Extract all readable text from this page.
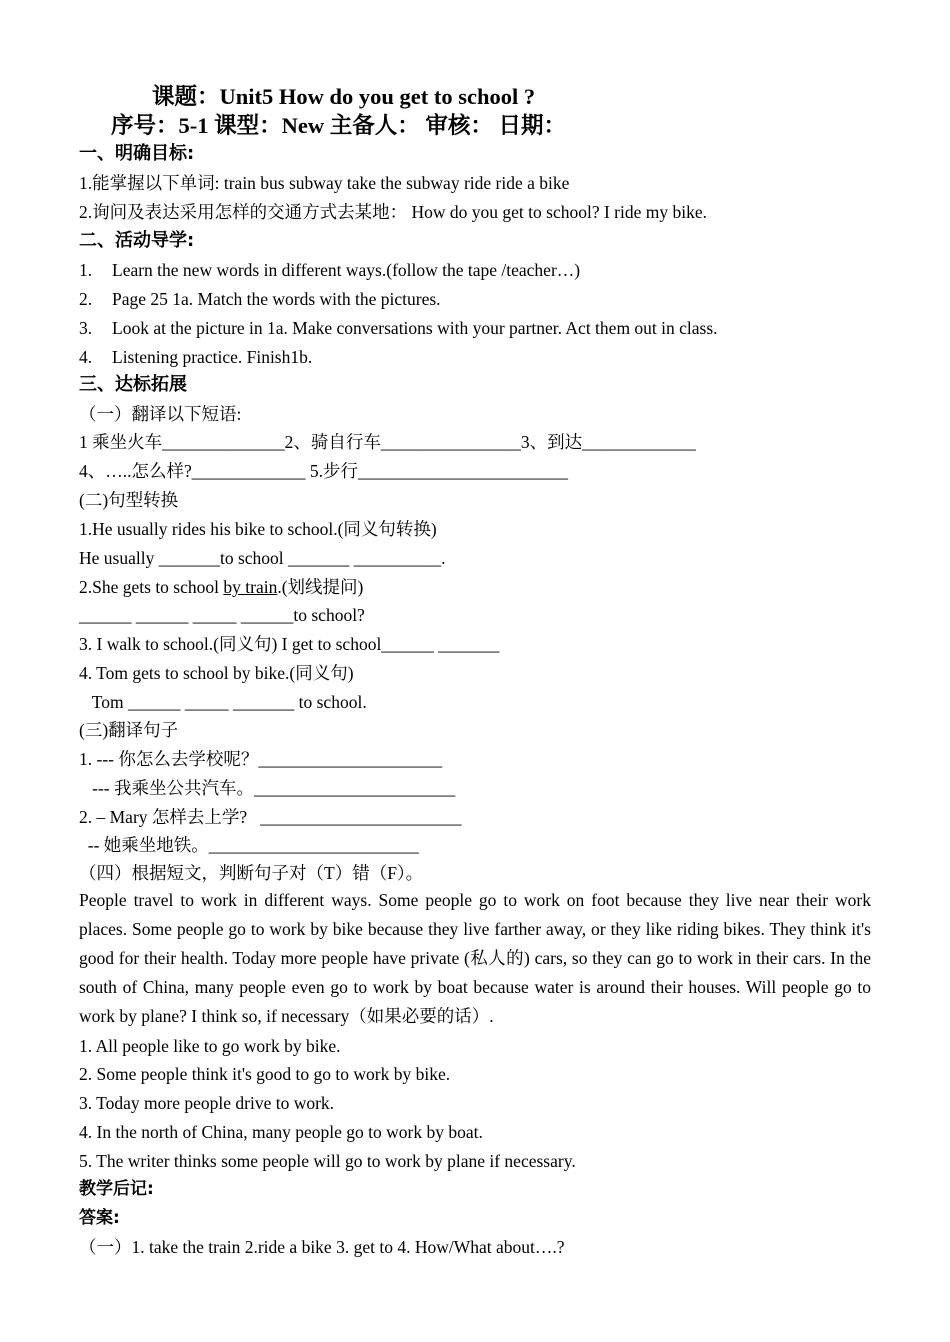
课题：Unit5 How do you get to school ?
序号：5-1 课型：New 主备人： 审核： 日期：
一、明确目标:
1.能掌握以下单词: train bus subway take the subway ride ride a bike
2.询问及表达采用怎样的交通方式去某地： How do you get to school? I ride my bike.
二、活动导学:
1. Learn the new words in different ways.(follow the tape /teacher…)
2. Page 25 1a. Match the words with the pictures.
3. Look at the picture in 1a. Make conversations with your partner. Act them out in class.
4. Listening practice. Finish1b.
三、达标拓展
（一）翻译以下短语:
1 乘坐火车______________2、骑自行车________________3、到达_____________
4、…..怎么样?_____________ 5.步行________________________
(二)句型转换
1.He usually rides his bike to school.(同义句转换)
He usually _______to school _______ __________.
2.She gets to school by train.(划线提问)
______ ______ _____ ______to school?
3. I walk to school.(同义句) I get to school______ _______
4. Tom gets to school by bike.(同义句)
Tom ______ _____ _______ to school.
(三)翻译句子
1. --- 你怎么去学校呢？_____________________
--- 我乘坐公共汽车。_______________________
2. – Mary 怎样去上学?   _______________________
-- 她乘坐地铁。________________________
（四）根据短文，判断句子对（T）错（F）。
People travel to work in different ways. Some people go to work on foot because they live near their work places. Some people go to work by bike because they live farther away, or they like riding bikes. They think it's good for their health. Today more people have private (私人的) cars, so they can go to work in their cars. In the south of China, many people even go to work by boat because water is around their houses. Will people go to work by plane? I think so, if necessary（如果必要的话）.
1. All people like to go work by bike.
2. Some people think it's good to go to work by bike.
3. Today more people drive to work.
4. In the north of China, many people go to work by boat.
5. The writer thinks some people will go to work by plane if necessary.
教学后记:
答案:
（一）1. take the train 2.ride a bike 3. get to 4. How/What about….?
